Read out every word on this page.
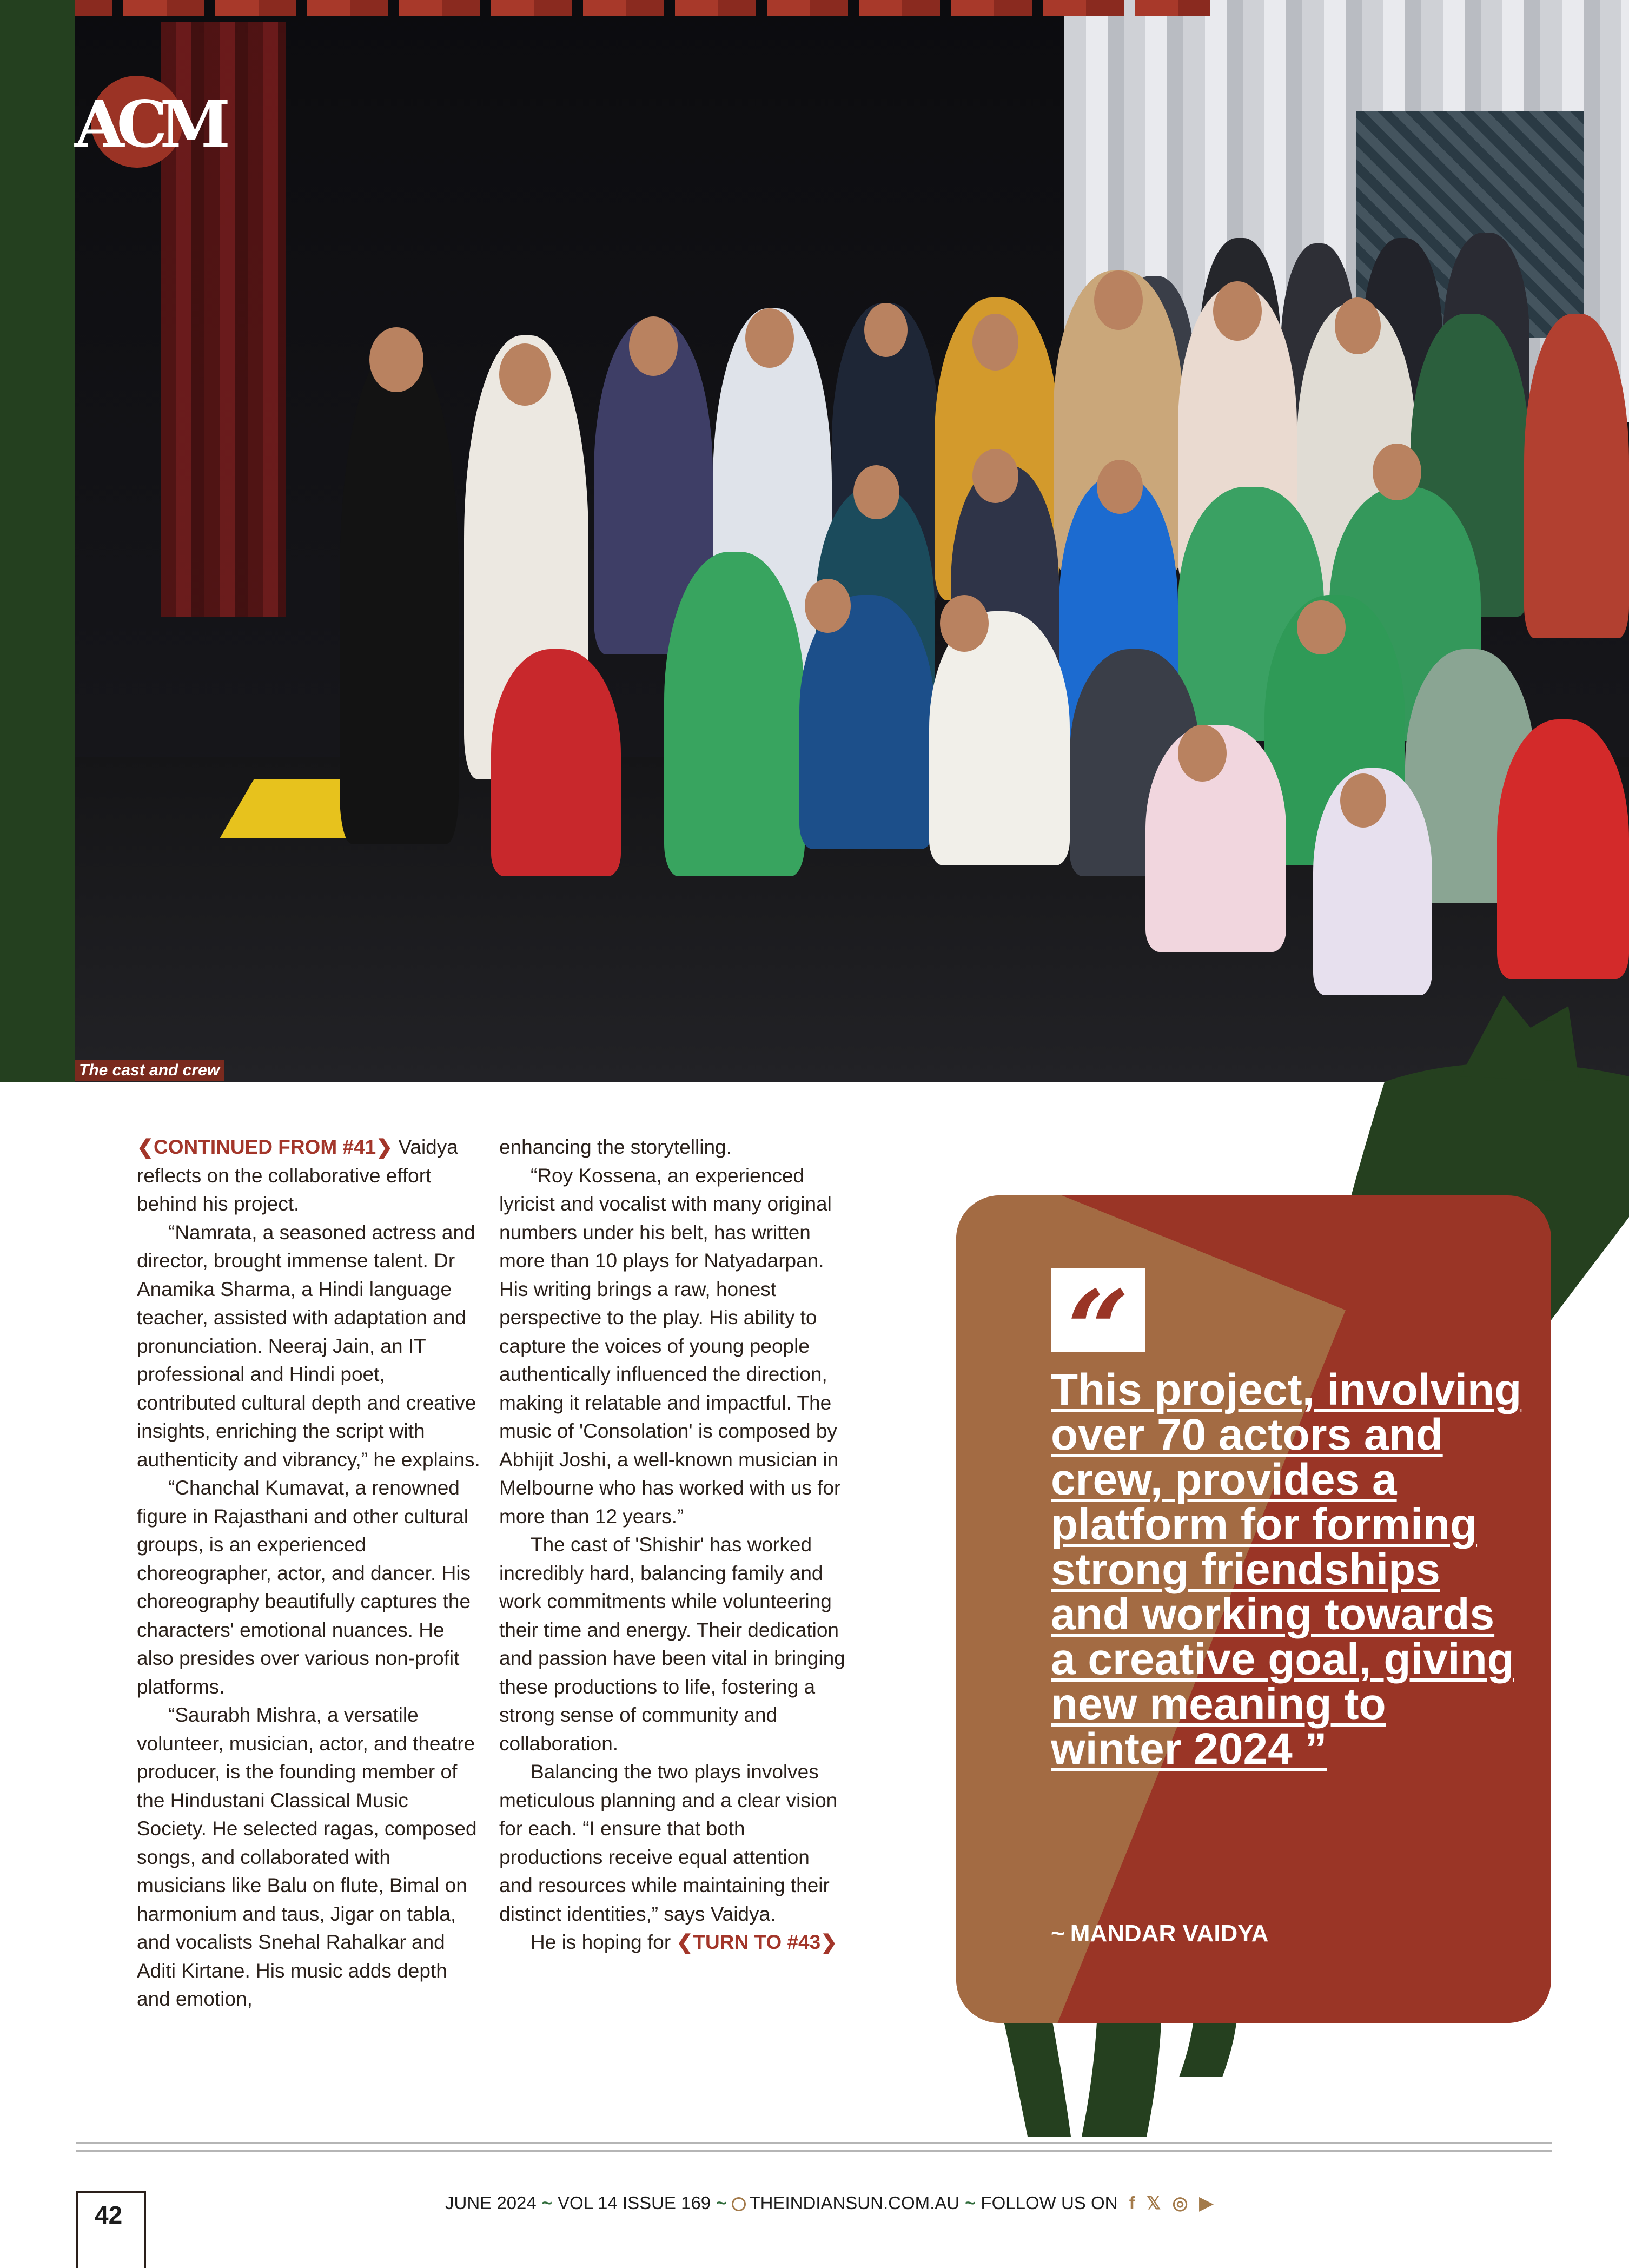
The cast and crew
ACM

❮CONTINUED FROM #41❯ Vaidya reflects on the collaborative effort behind his project.

“Namrata, a seasoned actress and director, brought immense talent. Dr Anamika Sharma, a Hindi language teacher, assisted with adaptation and pronunciation. Neeraj Jain, an IT professional and Hindi poet, contributed cultural depth and creative insights, enriching the script with authenticity and vibrancy,” he explains.

“Chanchal Kumavat, a renowned figure in Rajasthani and other cultural groups, is an experienced choreographer, actor, and dancer. His choreography beautifully captures the characters' emotional nuances. He also presides over various non-profit platforms.

“Saurabh Mishra, a versatile volunteer, musician, actor, and theatre producer, is the founding member of the Hindustani Classical Music Society. He selected ragas, composed songs, and collaborated with musicians like Balu on flute, Bimal on harmonium and taus, Jigar on tabla, and vocalists Snehal Rahalkar and Aditi Kirtane. His music adds depth and emotion,

enhancing the storytelling.

“Roy Kossena, an experienced lyricist and vocalist with many original numbers under his belt, has written more than 10 plays for Natyadarpan. His writing brings a raw, honest perspective to the play. His ability to capture the voices of young people authentically influenced the direction, making it relatable and impactful. The music of 'Consolation' is composed by Abhijit Joshi, a well-known musician in Melbourne who has worked with us for more than 12 years.”

The cast of 'Shishir' has worked incredibly hard, balancing family and work commitments while volunteering their time and energy. Their dedication and passion have been vital in bringing these productions to life, fostering a strong sense of community and collaboration.

Balancing the two plays involves meticulous planning and a clear vision for each. “I ensure that both productions receive equal attention and resources while maintaining their distinct identities,” says Vaidya.

He is hoping for ❮TURN TO #43❯

“
This project, involving over 70 actors and crew, provides a platform for forming strong friendships and working towards a creative goal, giving new meaning to winter 2024 ”
~ MANDAR VAIDYA
42	JUNE 2024 ~ VOL 14 ISSUE 169 ~ THEINDIANSUN.COM.AU ~ FOLLOW US ON f 𝕏 ◎ ▶
